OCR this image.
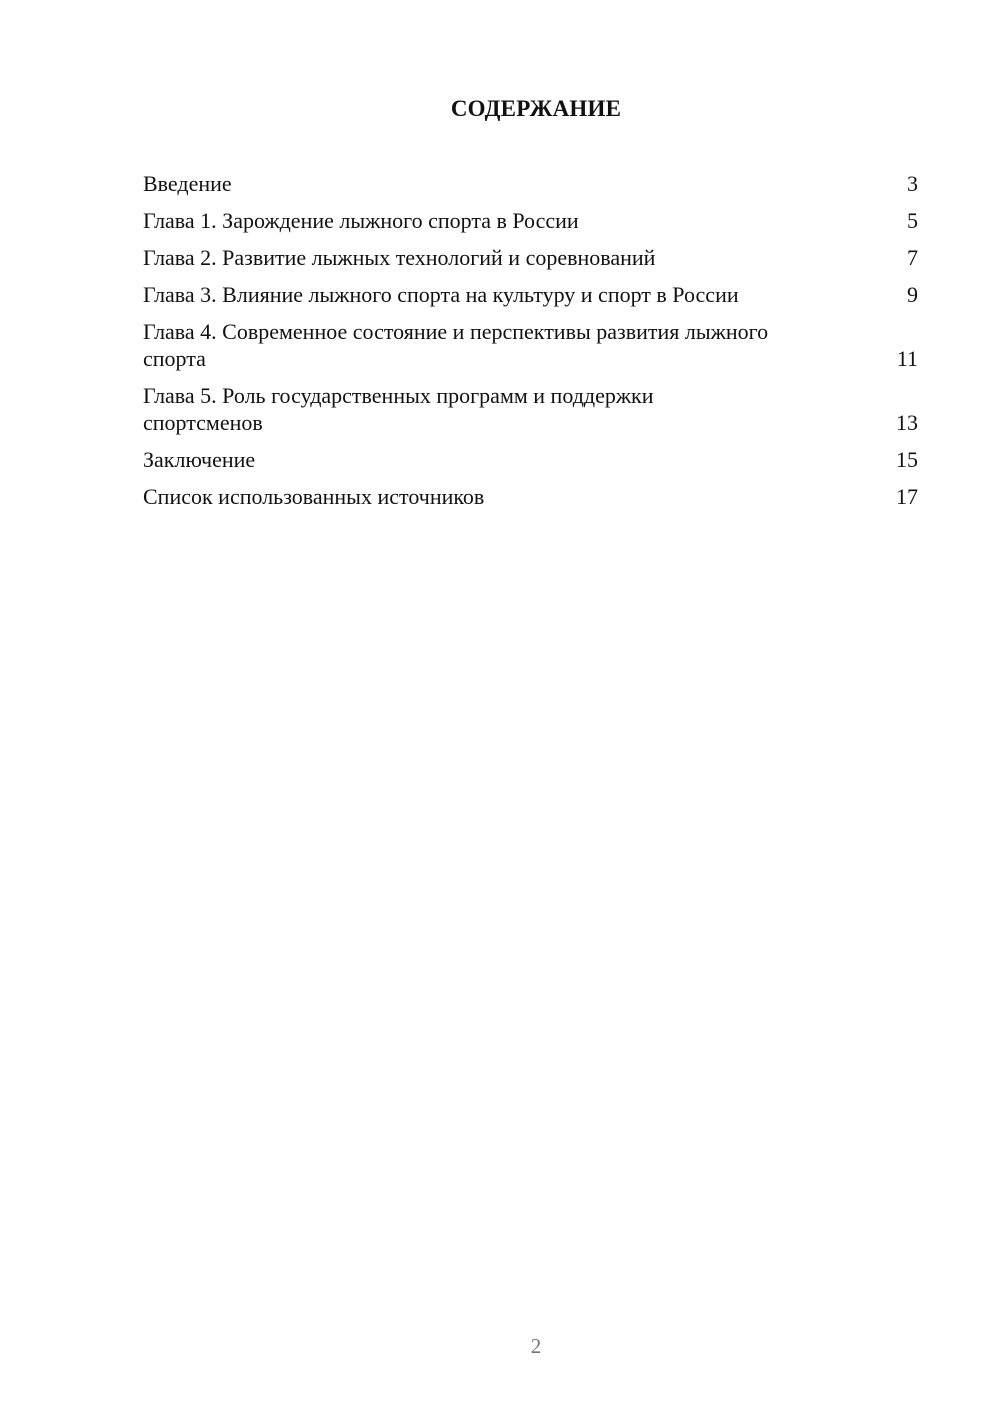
СОДЕРЖАНИЕ
Введение	3
Глава 1. Зарождение лыжного спорта в России	5
Глава 2. Развитие лыжных технологий и соревнований	7
Глава 3. Влияние лыжного спорта на культуру и спорт в России	9
Глава 4. Современное состояние и перспективы развития лыжного спорта	11
Глава 5. Роль государственных программ и поддержки спортсменов	13
Заключение	15
Список использованных источников	17
2
